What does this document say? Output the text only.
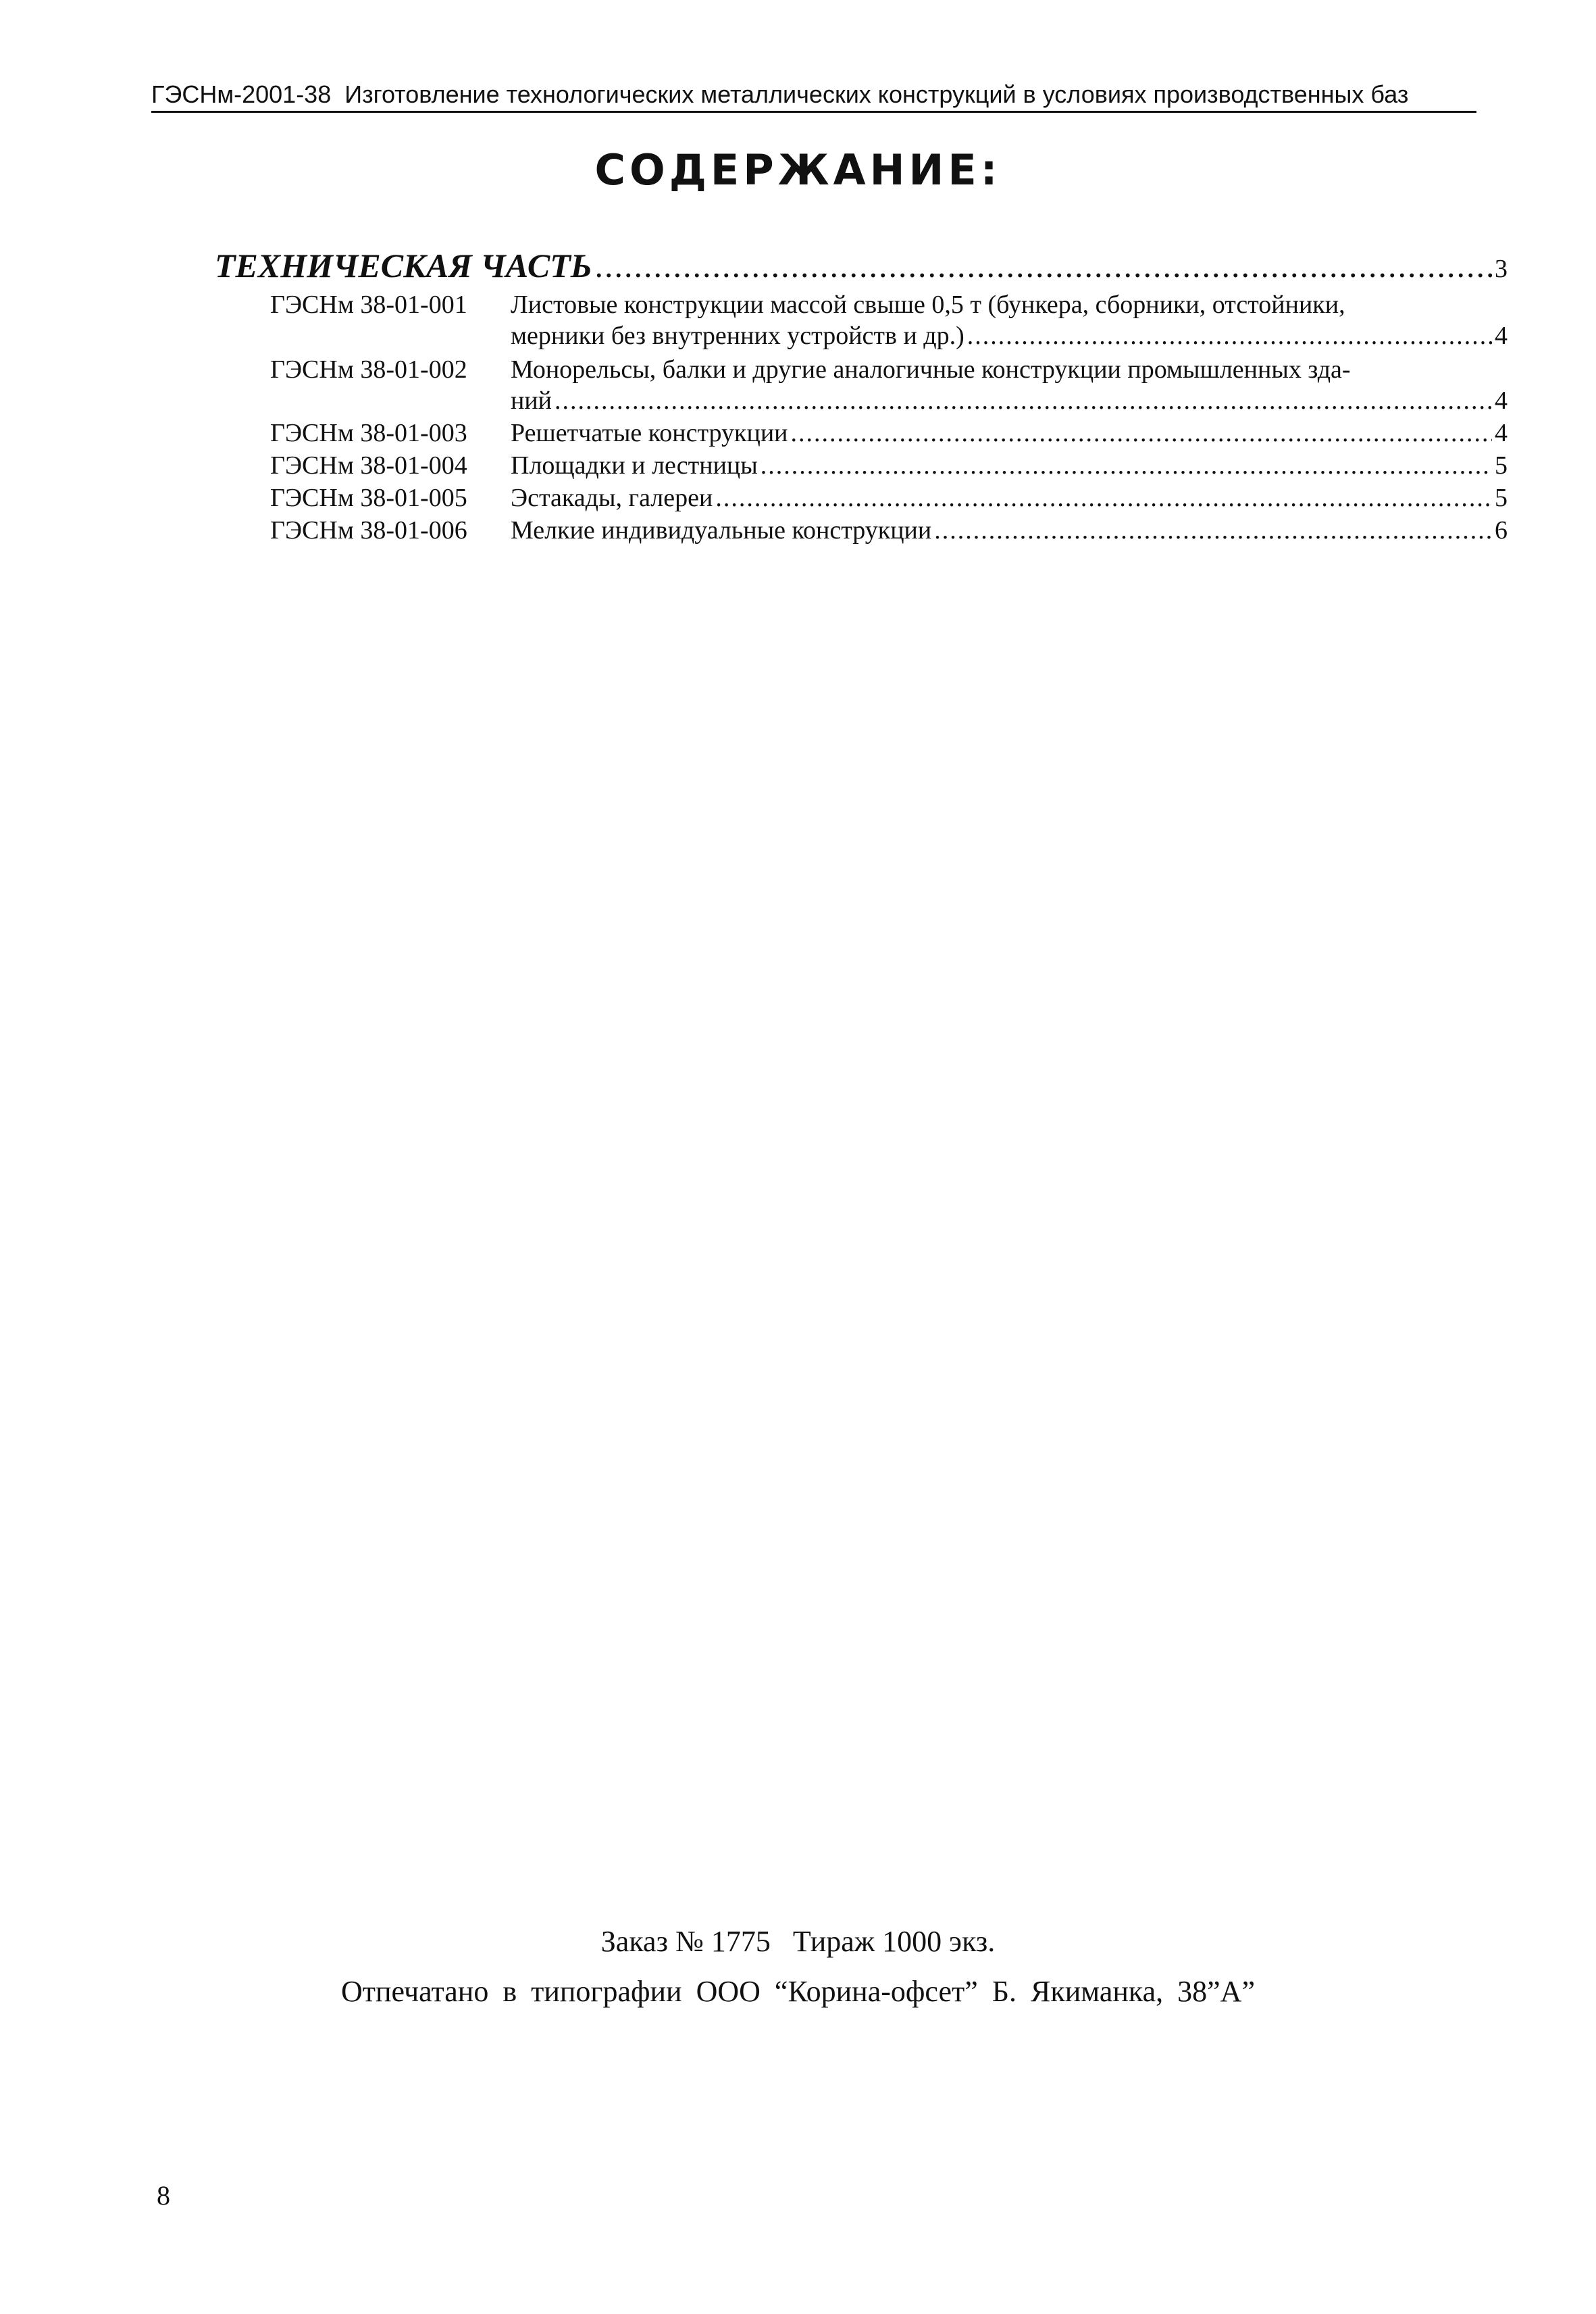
ГЭСНм-2001-38 Изготовление технологических металлических конструкций в условиях производственных баз
СОДЕРЖАНИЕ:
ТЕХНИЧЕСКАЯ ЧАСТЬ .....	3
ГЭСНм 38-01-001 Листовые конструкции массой свыше 0,5 т (бункера, сборники, отстойники,
мерники без внутренних устройств и др.) .....	4
ГЭСНм 38-01-002 Монорельсы, балки и другие аналогичные конструкции промышленных зда-
ний .....	4
ГЭСНм 38-01-003 Решетчатые конструкции .....	4
ГЭСНм 38-01-004 Площадки и лестницы .....	5
ГЭСНм 38-01-005 Эстакады, галереи .....	5
ГЭСНм 38-01-006 Мелкие индивидуальные конструкции .....	6
Заказ № 1775   Тираж 1000 экз.
Отпечатано в типографии ООО “Корина-офсет” Б. Якиманка, 38”А”
8
